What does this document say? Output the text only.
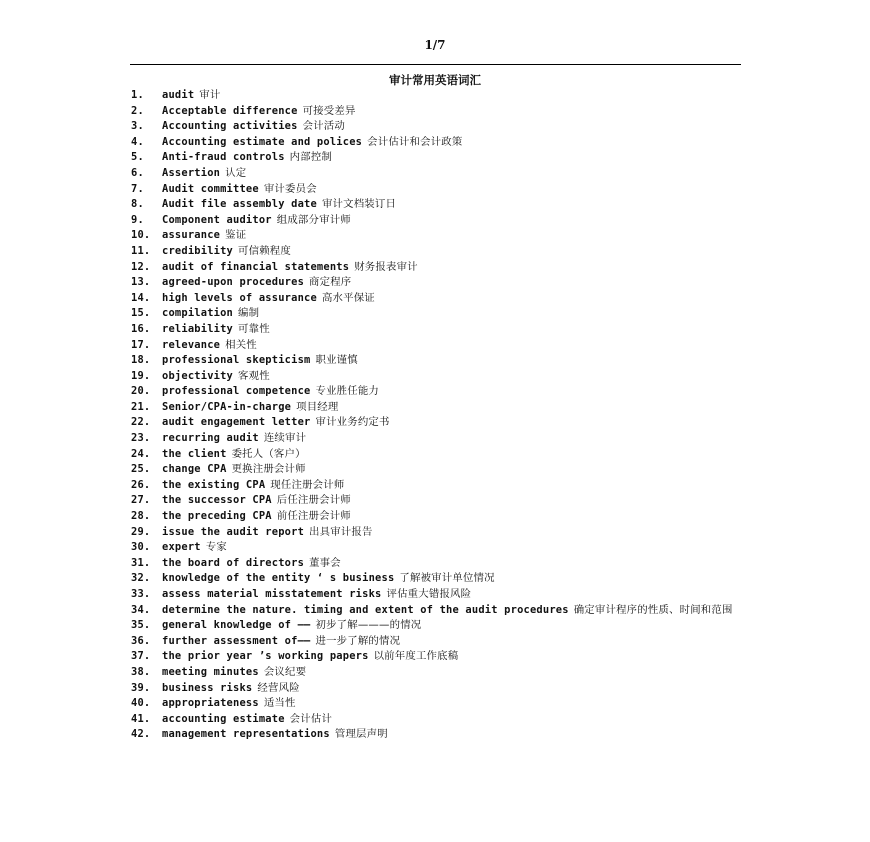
1/7
审计常用英语词汇
1.	audit 审计
2.	Acceptable difference 可接受差异
3.	Accounting activities 会计活动
4.	Accounting estimate and polices 会计估计和会计政策
5.	Anti-fraud controls 内部控制
6.	Assertion 认定
7.	Audit committee 审计委员会
8.	Audit file assembly date 审计文档装订日
9.	Component auditor 组成部分审计师
10.	assurance 鉴证
11.	credibility 可信赖程度
12.	audit of financial statements 财务报表审计
13.	agreed-upon procedures 商定程序
14.	high levels of assurance 高水平保证
15.	compilation 编制
16.	reliability 可靠性
17.	relevance 相关性
18.	professional skepticism 职业谨慎
19.	objectivity 客观性
20.	professional competence 专业胜任能力
21.	Senior/CPA-in-charge 项目经理
22.	audit engagement letter 审计业务约定书
23.	recurring audit 连续审计
24.	the client 委托人（客户）
25.	change CPA 更换注册会计师
26.	the existing CPA 现任注册会计师
27.	the successor CPA 后任注册会计师
28.	the preceding CPA 前任注册会计师
29.	issue the audit report 出具审计报告
30.	expert 专家
31.	the board of directors 董事会
32.	knowledge of the entity ‘ s business 了解被审计单位情况
33.	assess material misstatement risks 评估重大错报风险
34.	determine the nature. timing and extent of the audit procedures 确定审计程序的性质、时间和范围
35.	general knowledge of —— 初步了解———的情况
36.	further assessment of—— 进一步了解的情况
37.	the prior year ’s working papers 以前年度工作底稿
38.	meeting minutes 会议纪要
39.	business risks 经营风险
40.	appropriateness 适当性
41.	accounting estimate 会计估计
42.	management representations 管理层声明
